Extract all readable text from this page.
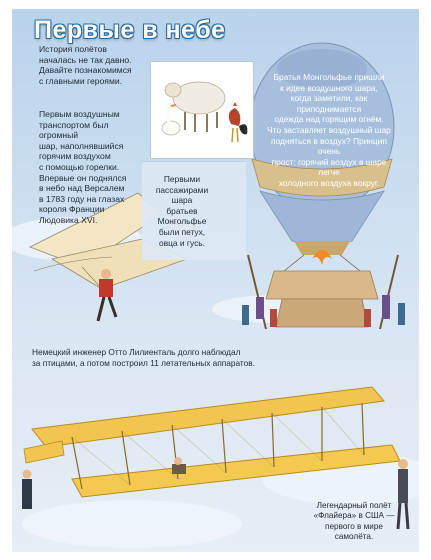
Первые в небе
История полётов
началась не так давно.
Давайте познакомимся
с главными героями.
Первым воздушным
транспортом был огромный
шар, наполнявшийся
горячим воздухом
с помощью горелки.
Впервые он поднялся
в небо над Версалем
в 1783 году на глазах
короля Франции Людовика XVI.
Первыми
пассажирами шара
братьев Монгольфье
были петух,
овца и гусь.
Братья Монгольфье пришли
к идее воздушного шара,
когда заметили, как приподнимается
одежда над горящим огнём.
Что заставляет воздушный шар
подняться в воздух? Принцип очень
прост: горячий воздух в шаре легче
холодного воздуха вокруг.
Немецкий инженер Отто Лилиенталь долго наблюдал
за птицами, а потом построил 11 летательных аппаратов.
Легендарный полёт
«Флайера» в США —
первого в мире самолёта.
